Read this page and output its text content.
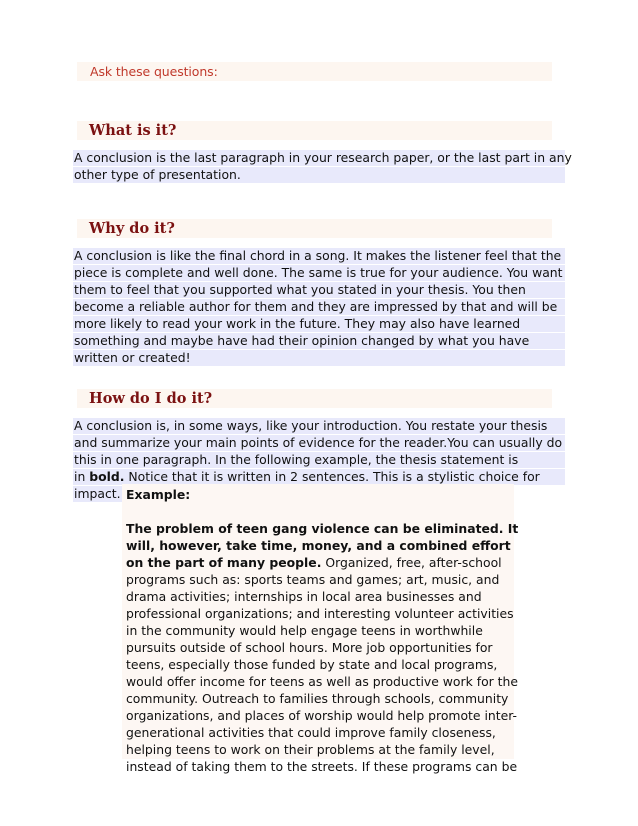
Ask these questions:
What is it?
A conclusion is the last paragraph in your research paper, or the last part in any
other type of presentation.
Why do it?
A conclusion is like the final chord in a song. It makes the listener feel that the
piece is complete and well done. The same is true for your audience. You want
them to feel that you supported what you stated in your thesis. You then
become a reliable author for them and they are impressed by that and will be
more likely to read your work in the future. They may also have learned
something and maybe have had their opinion changed by what you have
written or created!
How do I do it?
A conclusion is, in some ways, like your introduction. You restate your thesis
and summarize your main points of evidence for the reader.You can usually do
this in one paragraph. In the following example, the thesis statement is
in bold. Notice that it is written in 2 sentences. This is a stylistic choice for
impact. Example:
The problem of teen gang violence can be eliminated. It
will, however, take time, money, and a combined effort
on the part of many people. Organized, free, after-school
programs such as: sports teams and games; art, music, and
drama activities; internships in local area businesses and
professional organizations; and interesting volunteer activities
in the community would help engage teens in worthwhile
pursuits outside of school hours. More job opportunities for
teens, especially those funded by state and local programs,
would offer income for teens as well as productive work for the
community. Outreach to families through schools, community
organizations, and places of worship would help promote inter-
generational activities that could improve family closeness,
helping teens to work on their problems at the family level,
instead of taking them to the streets. If these programs can be
